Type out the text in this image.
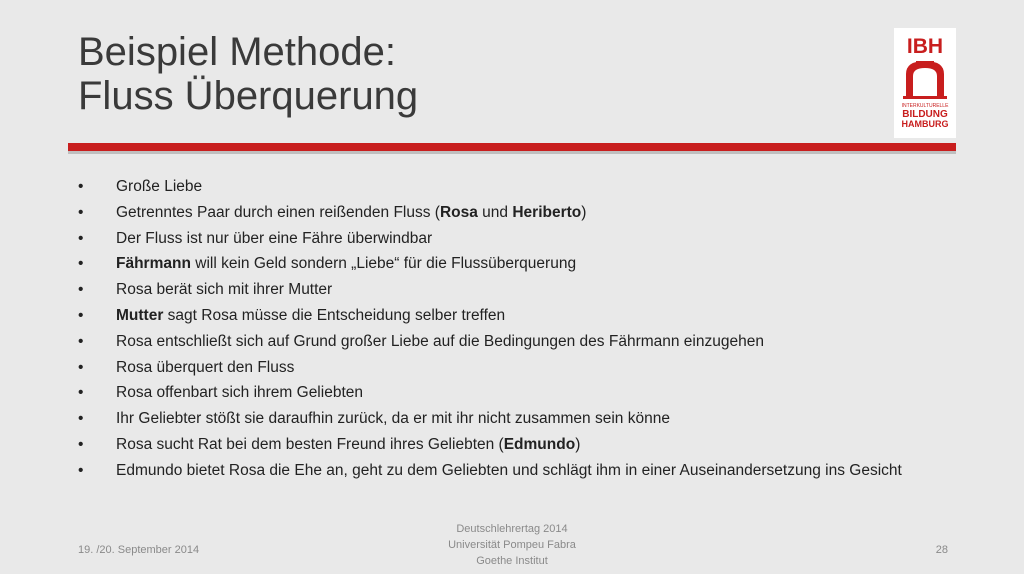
Beispiel Methode:
Fluss Überquerung
IBH
INTERKULTURELLE
BILDUNG
HAMBURG
• Große Liebe
• Getrenntes Paar durch einen reißenden Fluss (Rosa und Heriberto)
• Der Fluss ist nur über eine Fähre überwindbar
• Fährmann will kein Geld sondern „Liebe“ für die Flussüberquerung
• Rosa berät sich mit ihrer Mutter
• Mutter sagt Rosa müsse die Entscheidung selber treffen
• Rosa entschließt sich auf Grund großer Liebe auf die Bedingungen des Fährmann einzugehen
• Rosa überquert den Fluss
• Rosa offenbart sich ihrem Geliebten
• Ihr Geliebter stößt sie daraufhin zurück, da er mit ihr nicht zusammen sein könne
• Rosa sucht Rat bei dem besten Freund ihres Geliebten (Edmundo)
• Edmundo bietet Rosa die Ehe an, geht zu dem Geliebten und schlägt ihm in einer Auseinandersetzung ins Gesicht
19. /20. September 2014
Deutschlehrertag 2014
Universität Pompeu Fabra
Goethe Institut
28
